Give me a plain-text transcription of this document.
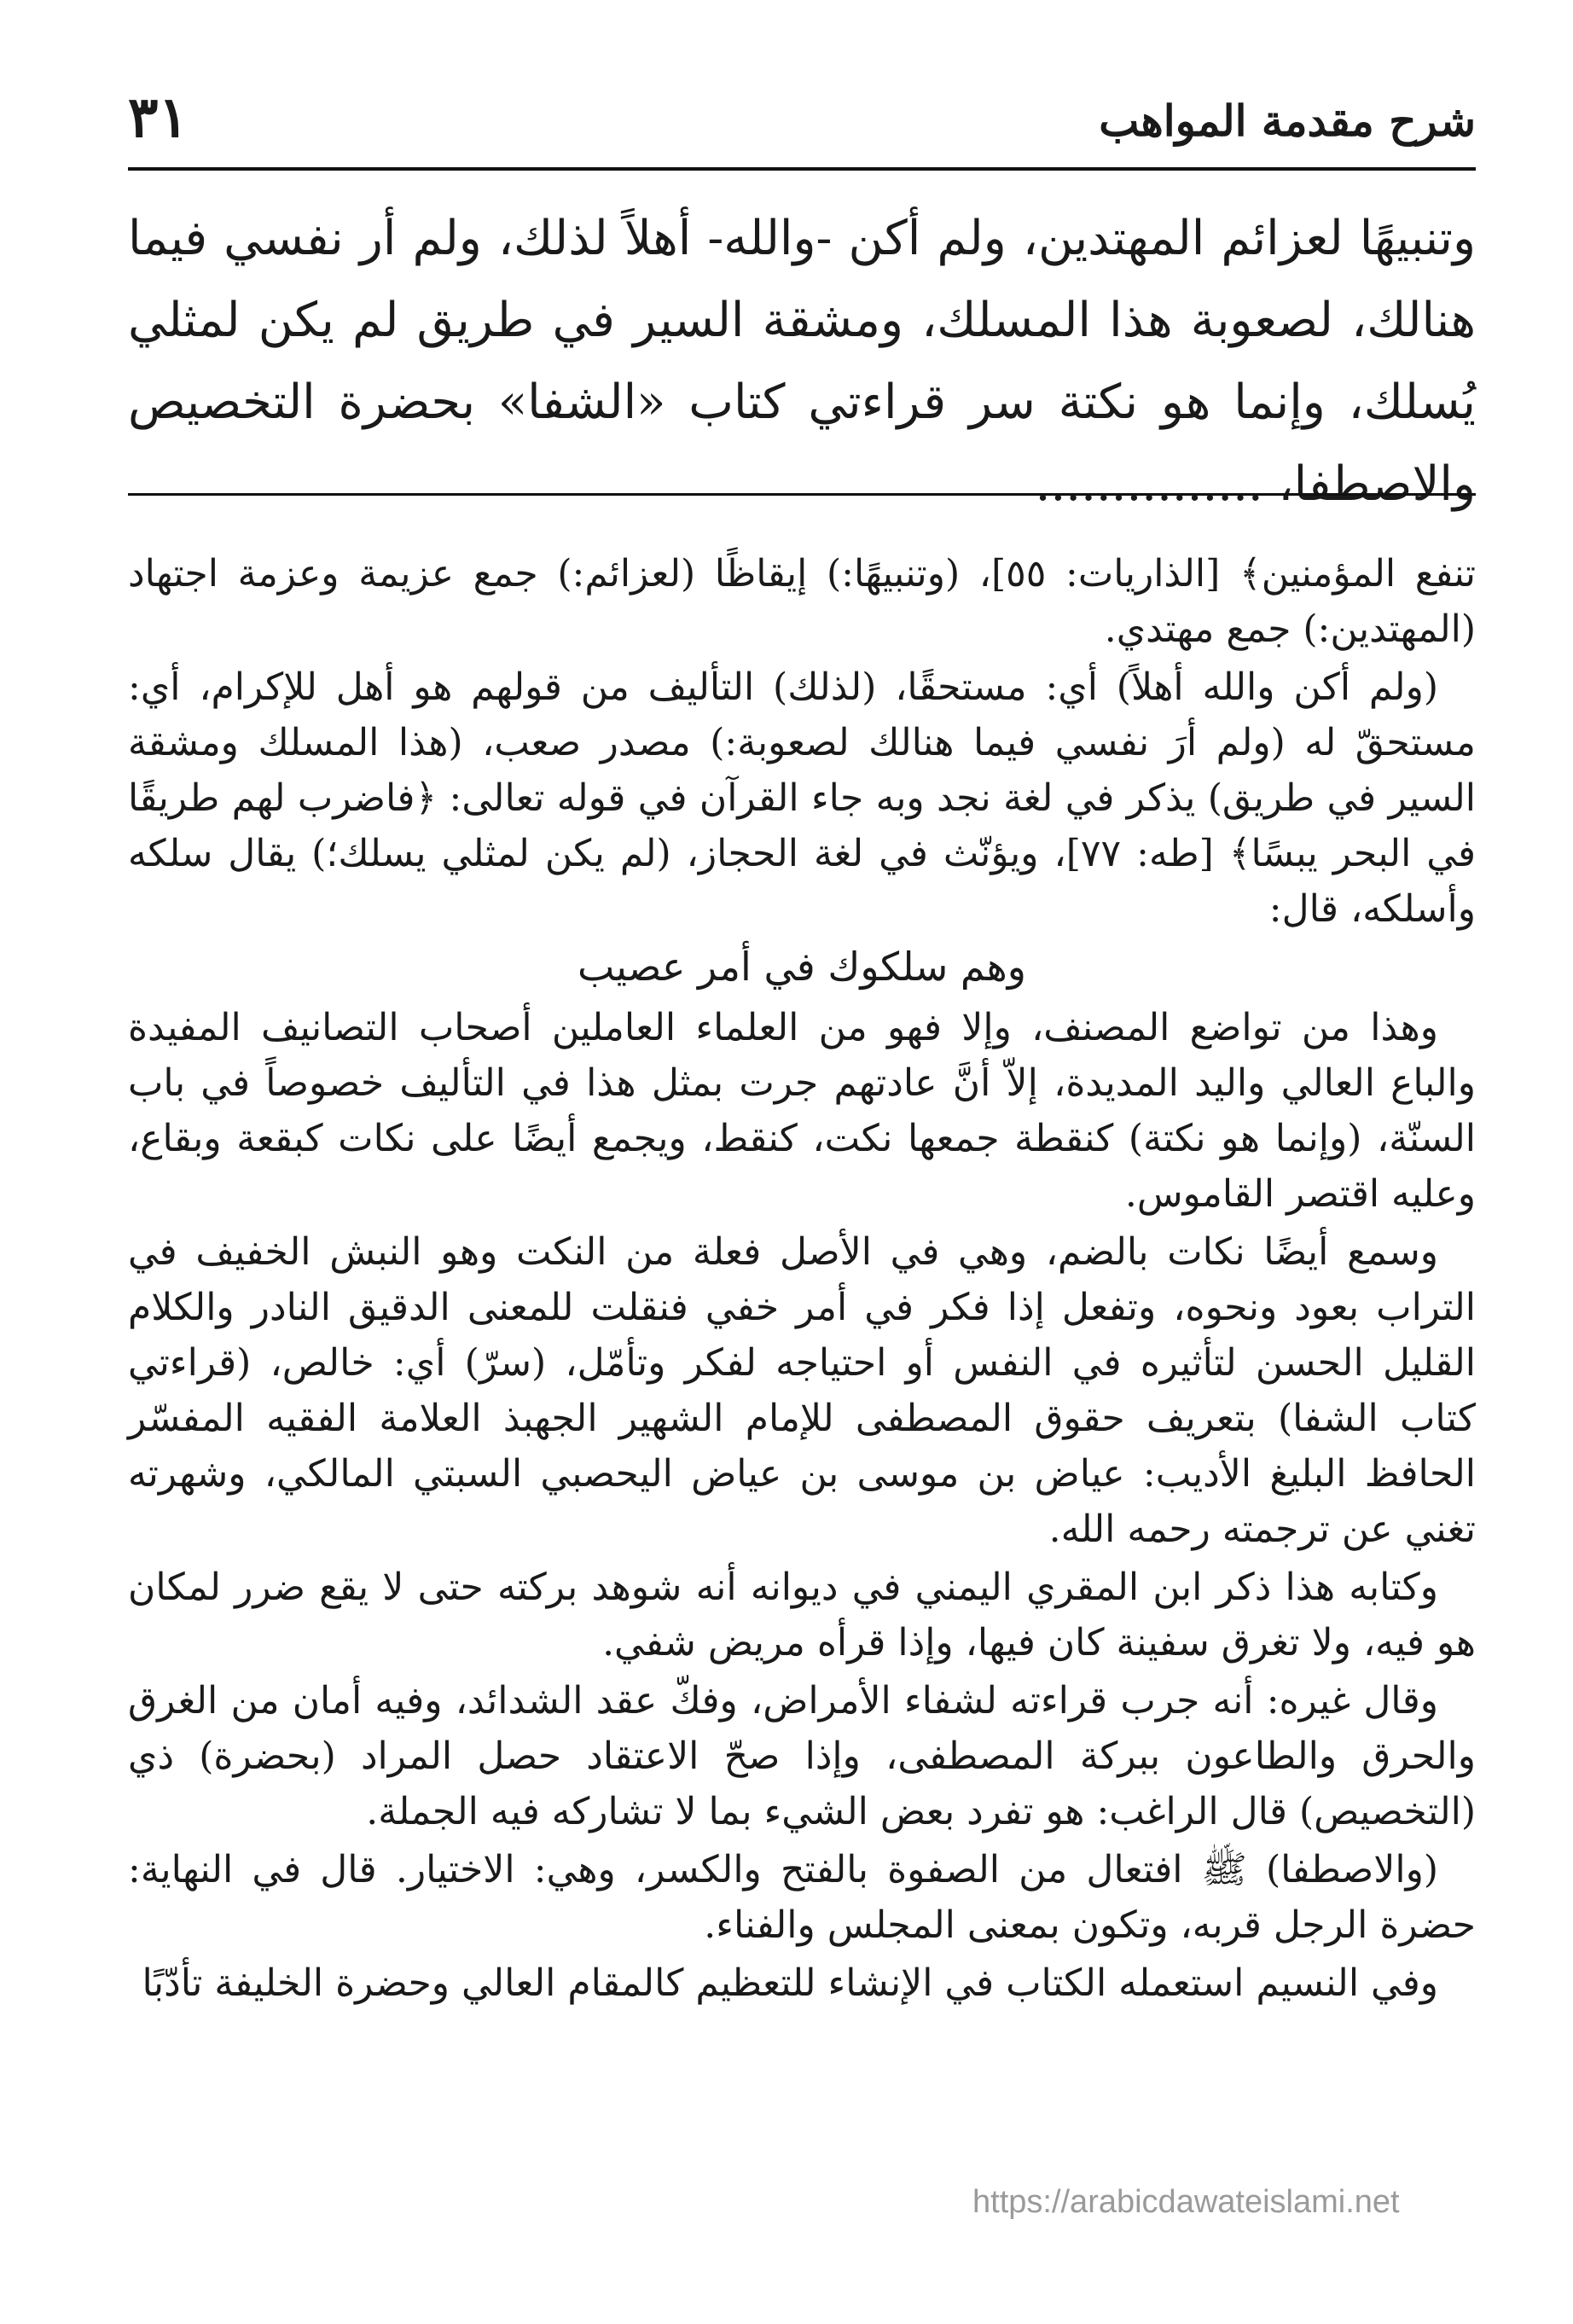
شرح مقدمة المواهب
٣١
وتنبيهًا لعزائم المهتدين، ولم أكن -والله- أهلاً لذلك، ولم أر نفسي فيما هنالك، لصعوبة هذا المسلك، ومشقة السير في طريق لم يكن لمثلي يُسلك، وإنما هو نكتة سر قراءتي كتاب «الشفا» بحضرة التخصيص والاصطفا، ...............

تنفع المؤمنين﴾ [الذاريات: ٥٥]، (وتنبيهًا:) إيقاظًا (لعزائم:) جمع عزيمة وعزمة اجتهاد (المهتدين:) جمع مهتدي.

(ولم أكن والله أهلاً) أي: مستحقًا، (لذلك) التأليف من قولهم هو أهل للإكرام، أي: مستحقّ له (ولم أرَ نفسي فيما هنالك لصعوبة:) مصدر صعب، (هذا المسلك ومشقة السير في طريق) يذكر في لغة نجد وبه جاء القرآن في قوله تعالى: ﴿فاضرب لهم طريقًا في البحر يبسًا﴾ [طه: ٧٧]، ويؤنّث في لغة الحجاز، (لم يكن لمثلي يسلك؛) يقال سلكه وأسلكه، قال:

وهم سلكوك في أمر عصيب

وهذا من تواضع المصنف، وإلا فهو من العلماء العاملين أصحاب التصانيف المفيدة والباع العالي واليد المديدة، إلاّ أنَّ عادتهم جرت بمثل هذا في التأليف خصوصاً في باب السنّة، (وإنما هو نكتة) كنقطة جمعها نكت، كنقط، ويجمع أيضًا على نكات كبقعة وبقاع، وعليه اقتصر القاموس.

وسمع أيضًا نكات بالضم، وهي في الأصل فعلة من النكت وهو النبش الخفيف في التراب بعود ونحوه، وتفعل إذا فكر في أمر خفي فنقلت للمعنى الدقيق النادر والكلام القليل الحسن لتأثيره في النفس أو احتياجه لفكر وتأمّل، (سرّ) أي: خالص، (قراءتي كتاب الشفا) بتعريف حقوق المصطفى للإمام الشهير الجهبذ العلامة الفقيه المفسّر الحافظ البليغ الأديب: عياض بن موسى بن عياض اليحصبي السبتي المالكي، وشهرته تغني عن ترجمته رحمه الله.

وكتابه هذا ذكر ابن المقري اليمني في ديوانه أنه شوهد بركته حتى لا يقع ضرر لمكان هو فيه، ولا تغرق سفينة كان فيها، وإذا قرأه مريض شفي.

وقال غيره: أنه جرب قراءته لشفاء الأمراض، وفكّ عقد الشدائد، وفيه أمان من الغرق والحرق والطاعون ببركة المصطفى، وإذا صحّ الاعتقاد حصل المراد (بحضرة) ذي (التخصيص) قال الراغب: هو تفرد بعض الشيء بما لا تشاركه فيه الجملة.

(والاصطفا) ﷺ افتعال من الصفوة بالفتح والكسر، وهي: الاختيار. قال في النهاية: حضرة الرجل قربه، وتكون بمعنى المجلس والفناء.

وفي النسيم استعمله الكتاب في الإنشاء للتعظيم كالمقام العالي وحضرة الخليفة تأدّبًا

https://arabicdawateislami.net
